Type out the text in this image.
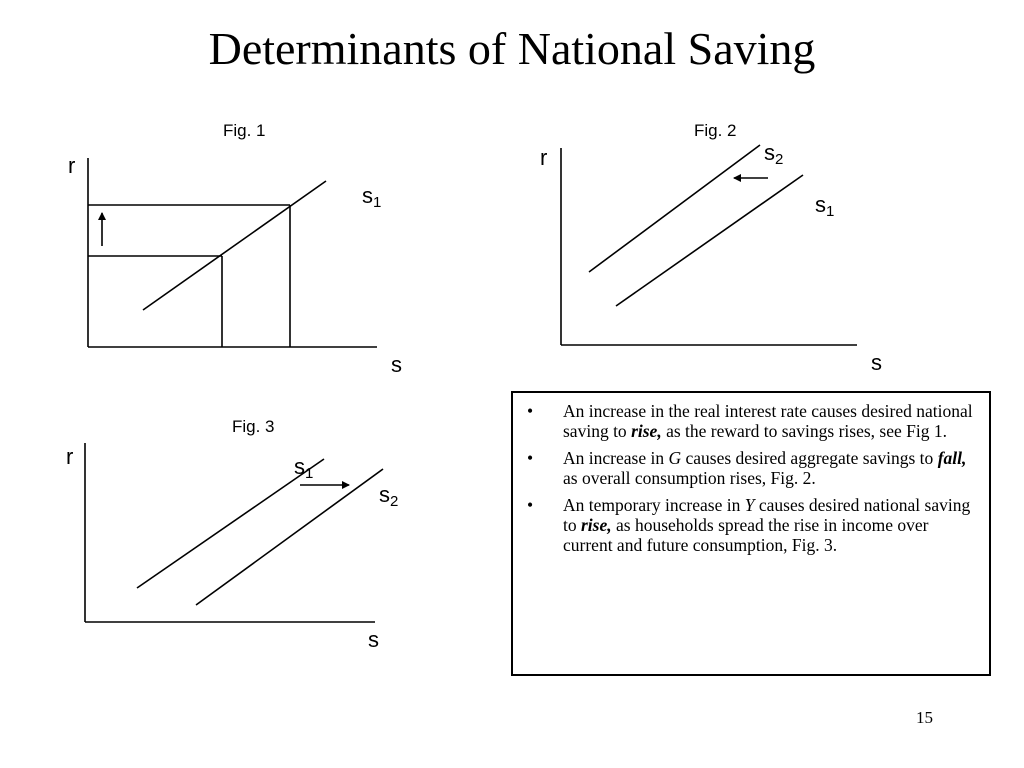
Determinants of National Saving
Fig. 1
r
s
$s_1$
Fig. 2
r
s
$s_2$
$s_1$
Fig. 3
r
s
$s_1$
$s_2$
• An increase in the real interest rate causes desired national saving to rise, as the reward to savings rises, see Fig 1.
• An increase in G causes desired aggregate savings to fall, as overall consumption rises, Fig. 2.
• An temporary increase in Y causes desired national saving to rise, as households spread the rise in income over current and future consumption, Fig. 3.
15
